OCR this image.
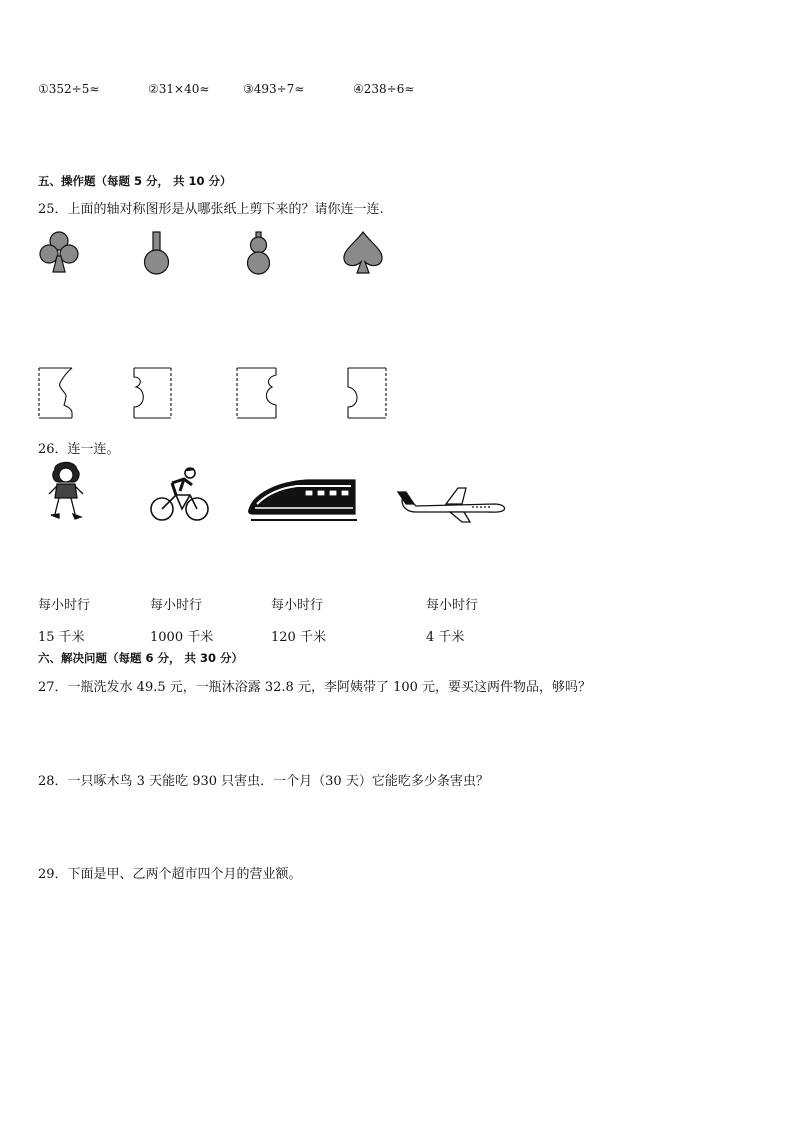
①352÷5≈	②31×40≈	③493÷7≈	④238÷6≈
五、操作题（每题 5 分， 共 10 分）
25．上面的轴对称图形是从哪张纸上剪下来的？请你连一连.
26．连一连。
每小时行	每小时行	每小时行	每小时行
15 千米	1000 千米	120 千米	4 千米
六、解决问题（每题 6 分， 共 30 分）
27．一瓶洗发水 49.5 元，一瓶沐浴露 32.8 元，李阿姨带了 100 元，要买这两件物品，够吗？
28．一只啄木鸟 3 天能吃 930 只害虫．一个月（30 天）它能吃多少条害虫？
29．下面是甲、乙两个超市四个月的营业额。
